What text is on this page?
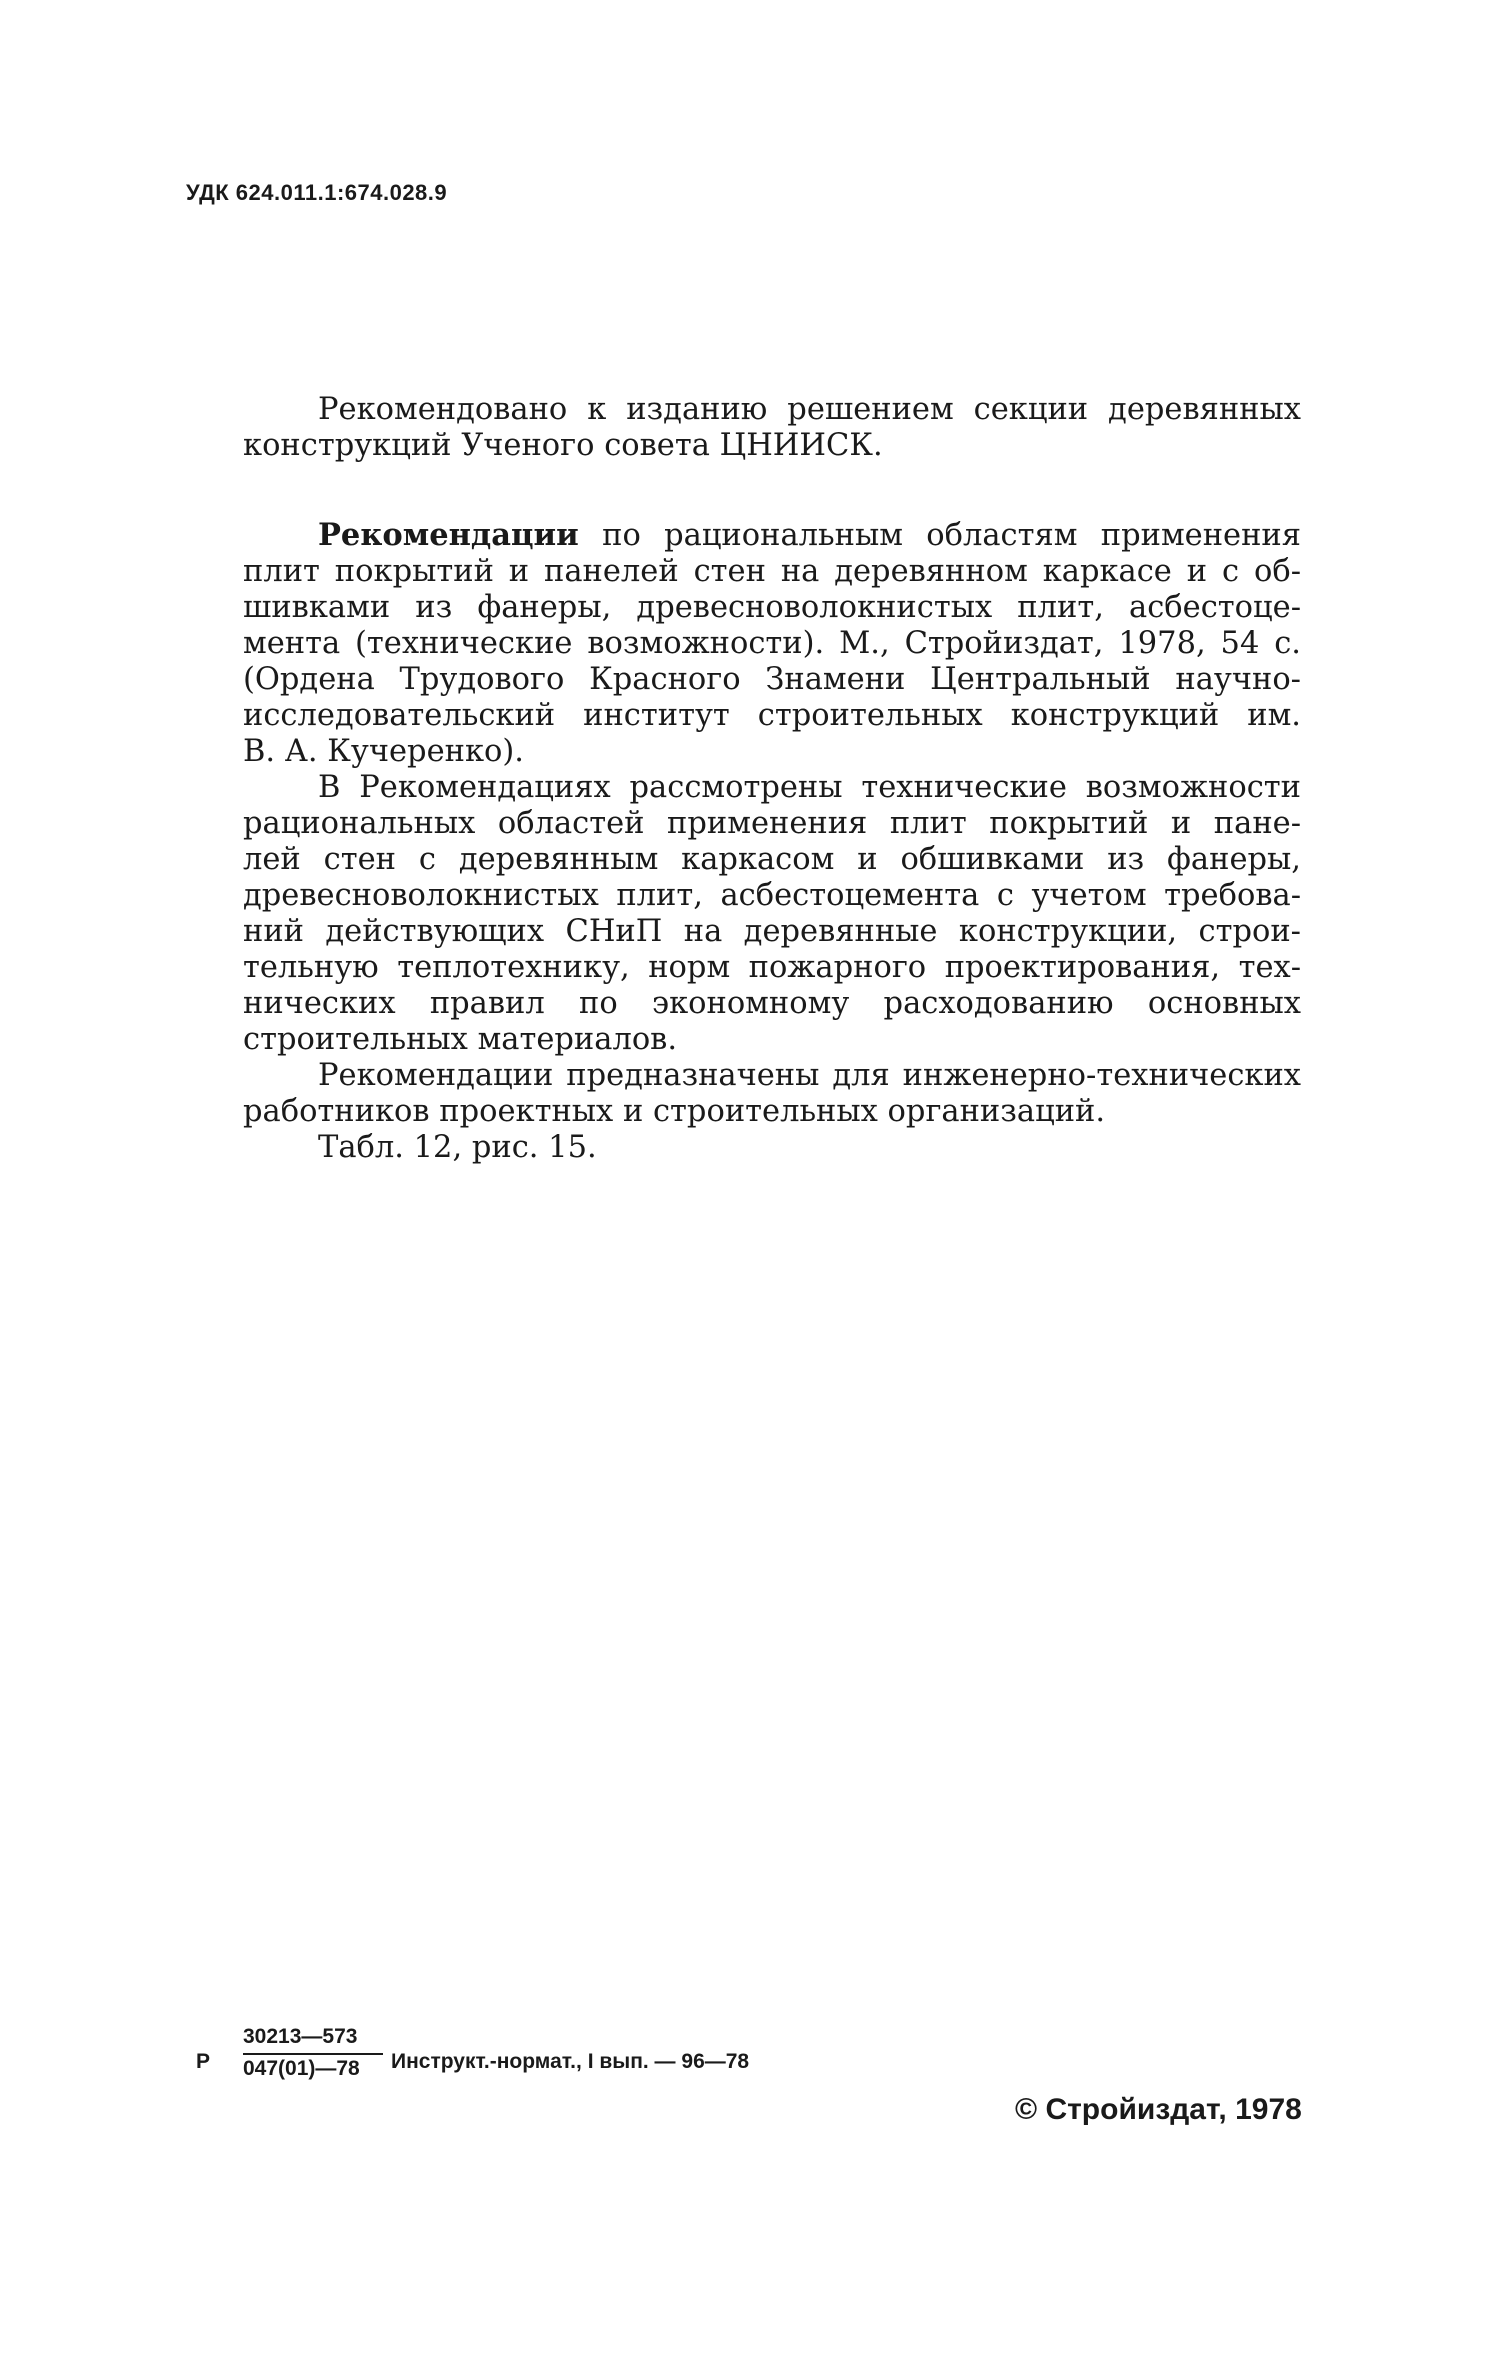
УДК 624.011.1:674.028.9
Рекомендовано к изданию решением секции деревянных
конструкций Ученого совета ЦНИИСК.
Рекомендации по рациональным областям применения
плит покрытий и панелей стен на деревянном каркасе и с об-
шивками из фанеры, древесноволокнистых плит, асбестоце-
мента (технические возможности). М., Стройиздат, 1978, 54 с.
(Ордена Трудового Красного Знамени Центральный научно-
исследовательский институт строительных конструкций им.
В. А. Кучеренко).
В Рекомендациях рассмотрены технические возможности
рациональных областей применения плит покрытий и пане-
лей стен с деревянным каркасом и обшивками из фанеры,
древесноволокнистых плит, асбестоцемента с учетом требова-
ний действующих СНиП на деревянные конструкции, строи-
тельную теплотехнику, норм пожарного проектирования, тех-
нических правил по экономному расходованию основных
строительных материалов.
Рекомендации предназначены для инженерно-технических
работников проектных и строительных организаций.
Табл. 12, рис. 15.
Р
30213—573
047(01)—78	Инструкт.-нормат., I вып. — 96—78
© Стройиздат, 1978
